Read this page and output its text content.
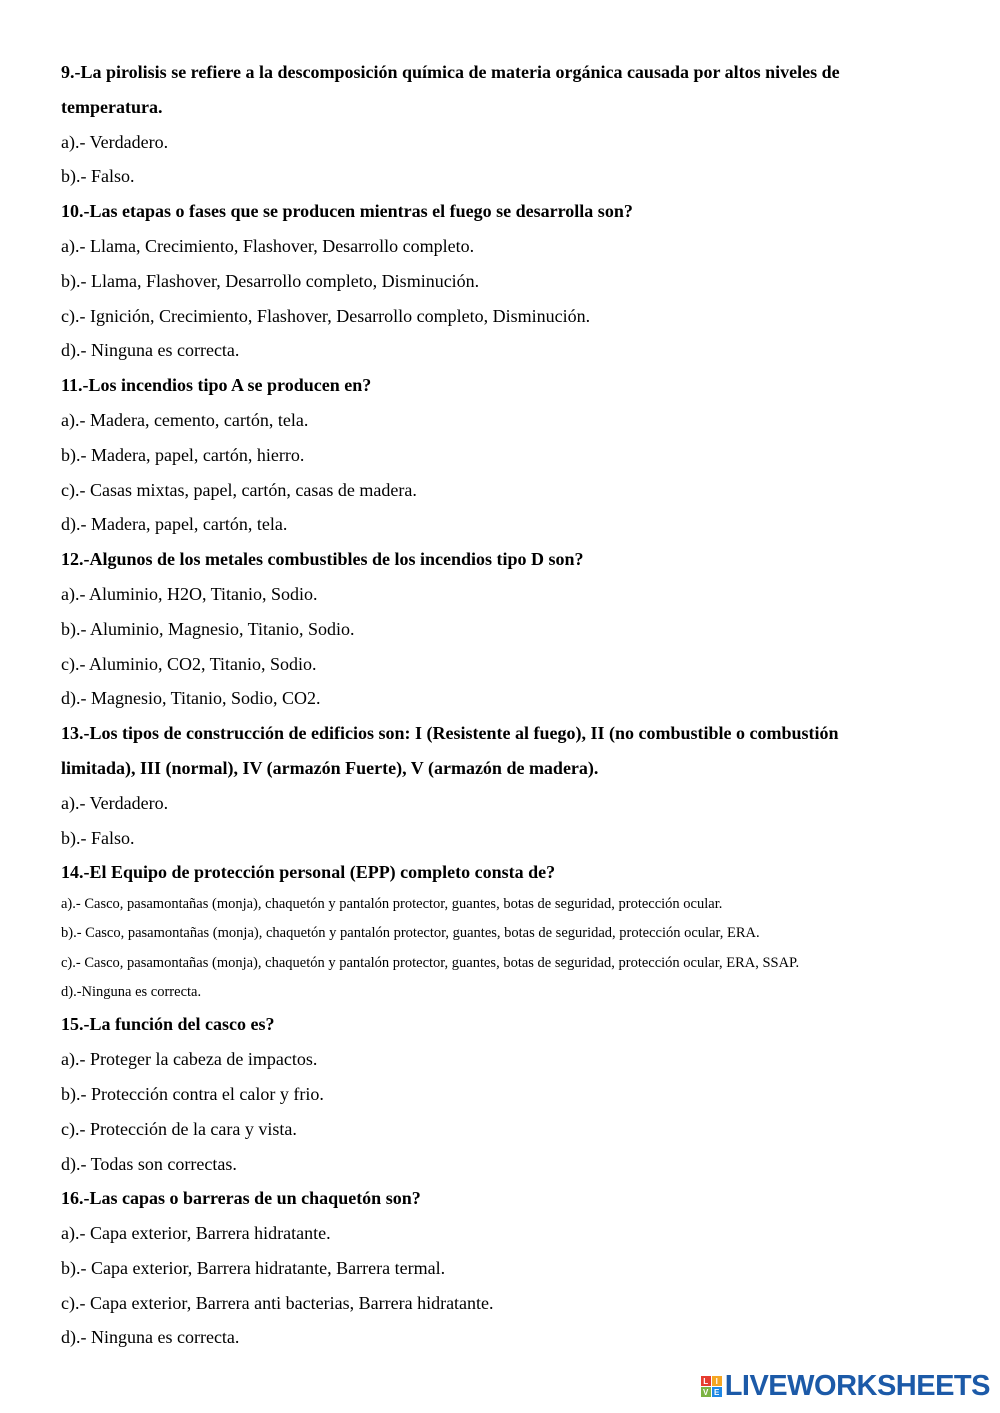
9.-La pirolisis se refiere a la descomposición química de materia orgánica causada por altos niveles de
temperatura.
a).- Verdadero.
b).- Falso.
10.-Las etapas o fases que se producen mientras el fuego se desarrolla son?
a).- Llama, Crecimiento, Flashover, Desarrollo completo.
b).- Llama, Flashover, Desarrollo completo, Disminución.
c).- Ignición, Crecimiento, Flashover, Desarrollo completo, Disminución.
d).- Ninguna es correcta.
11.-Los incendios tipo A se producen en?
a).- Madera, cemento, cartón, tela.
b).- Madera, papel, cartón, hierro.
c).- Casas mixtas, papel, cartón, casas de madera.
d).- Madera, papel, cartón, tela.
12.-Algunos de los metales combustibles de los incendios tipo D son?
a).- Aluminio, H2O, Titanio, Sodio.
b).- Aluminio, Magnesio, Titanio, Sodio.
c).- Aluminio, CO2, Titanio, Sodio.
d).- Magnesio, Titanio, Sodio, CO2.
13.-Los tipos de construcción de edificios son: I (Resistente al fuego), II (no combustible o combustión
limitada), III (normal), IV (armazón Fuerte), V (armazón de madera).
a).- Verdadero.
b).- Falso.
14.-El Equipo de protección personal (EPP) completo consta de?
a).- Casco, pasamontañas (monja), chaquetón y pantalón protector, guantes, botas de seguridad, protección ocular.
b).- Casco, pasamontañas (monja), chaquetón y pantalón protector, guantes, botas de seguridad, protección ocular, ERA.
c).- Casco, pasamontañas (monja), chaquetón y pantalón protector, guantes, botas de seguridad, protección ocular, ERA, SSAP.
d).-Ninguna es correcta.
15.-La función del casco es?
a).- Proteger la cabeza de impactos.
b).- Protección contra el calor y frio.
c).- Protección de la cara y vista.
d).- Todas son correctas.
16.-Las capas o barreras de un chaquetón son?
a).- Capa exterior, Barrera hidratante.
b).- Capa exterior, Barrera hidratante, Barrera termal.
c).- Capa exterior, Barrera anti bacterias, Barrera hidratante.
d).- Ninguna es correcta.
L I
V E LIVEWORKSHEETS
